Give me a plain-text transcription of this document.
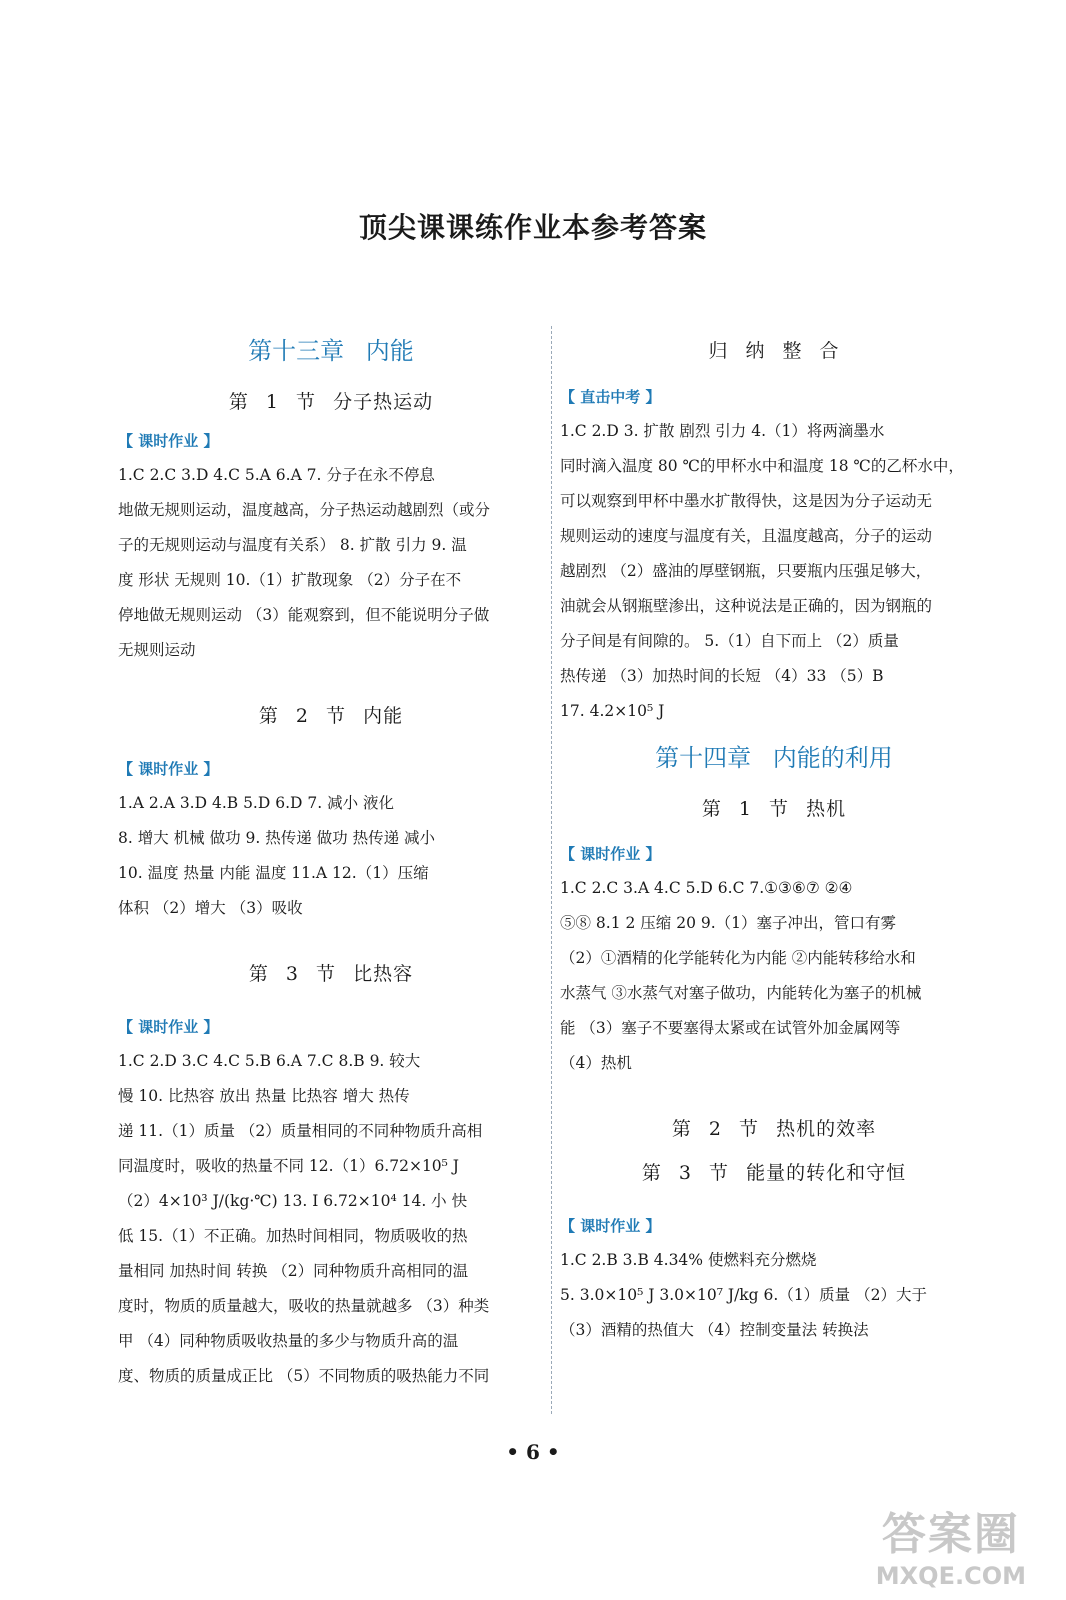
顶尖课课练作业本参考答案
第十三章 内能
第 1 节 分子热运动
【 课时作业 】
1.C 2.C 3.D 4.C 5.A 6.A 7. 分子在永不停息
地做无规则运动，温度越高，分子热运动越剧烈（或分
子的无规则运动与温度有关系） 8. 扩散 引力 9. 温
度 形状 无规则 10.（1）扩散现象 （2）分子在不
停地做无规则运动 （3）能观察到，但不能说明分子做
无规则运动
第 2 节 内能
【 课时作业 】
1.A 2.A 3.D 4.B 5.D 6.D 7. 减小 液化
8. 增大 机械 做功 9. 热传递 做功 热传递 减小
10. 温度 热量 内能 温度 11.A 12.（1）压缩
体积 （2）增大 （3）吸收
第 3 节 比热容
【 课时作业 】
1.C 2.D 3.C 4.C 5.B 6.A 7.C 8.B 9. 较大
慢 10. 比热容 放出 热量 比热容 增大 热传
递 11.（1）质量 （2）质量相同的不同种物质升高相
同温度时，吸收的热量不同 12.（1）6.72×10⁵ J
（2）4×10³ J/(kg·℃) 13. I 6.72×10⁴ 14. 小 快
低 15.（1）不正确。加热时间相同，物质吸收的热
量相同 加热时间 转换 （2）同种物质升高相同的温
度时，物质的质量越大，吸收的热量就越多 （3）种类
甲 （4）同种物质吸收热量的多少与物质升高的温
度、物质的质量成正比 （5）不同物质的吸热能力不同
归 纳 整 合
【 直击中考 】
1.C 2.D 3. 扩散 剧烈 引力 4.（1）将两滴墨水
同时滴入温度 80 ℃的甲杯水中和温度 18 ℃的乙杯水中，
可以观察到甲杯中墨水扩散得快，这是因为分子运动无
规则运动的速度与温度有关，且温度越高，分子的运动
越剧烈 （2）盛油的厚壁钢瓶，只要瓶内压强足够大，
油就会从钢瓶壁渗出，这种说法是正确的，因为钢瓶的
分子间是有间隙的。 5.（1）自下而上 （2）质量
热传递 （3）加热时间的长短 （4）33 （5）B
17. 4.2×10⁵ J
第十四章 内能的利用
第 1 节 热机
【 课时作业 】
1.C 2.C 3.A 4.C 5.D 6.C 7.①③⑥⑦ ②④
⑤⑧ 8.1 2 压缩 20 9.（1）塞子冲出，管口有雾
（2）①酒精的化学能转化为内能 ②内能转移给水和
水蒸气 ③水蒸气对塞子做功，内能转化为塞子的机械
能 （3）塞子不要塞得太紧或在试管外加金属网等
（4）热机
第 2 节 热机的效率
第 3 节 能量的转化和守恒
【 课时作业 】
1.C 2.B 3.B 4.34% 使燃料充分燃烧
5. 3.0×10⁵ J 3.0×10⁷ J/kg 6.（1）质量 （2）大于
（3）酒精的热值大 （4）控制变量法 转换法
• 6 •
答案圈
MXQE.COM
